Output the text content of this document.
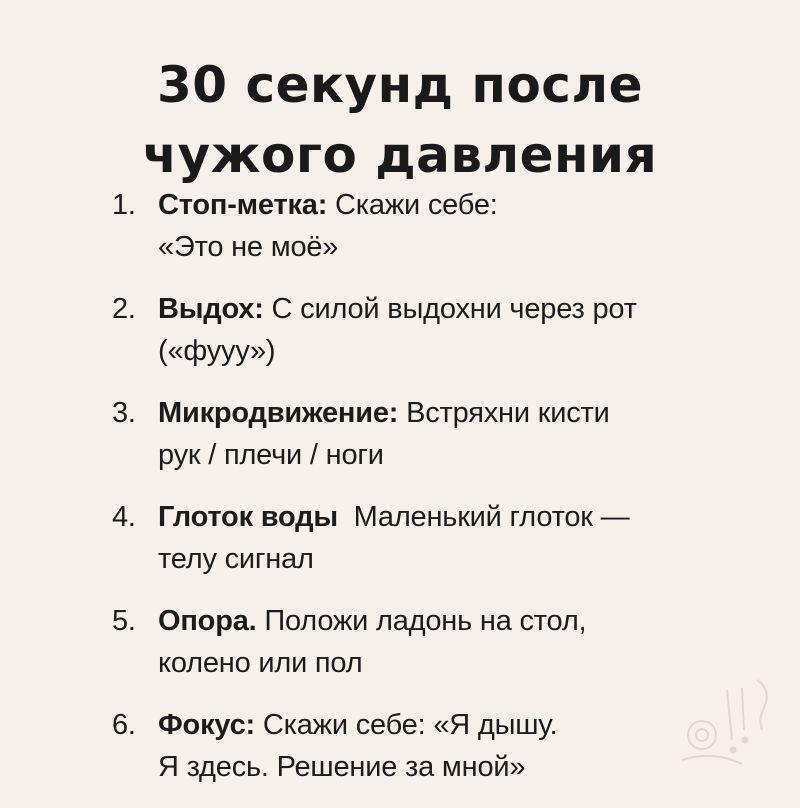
30 секунд после
чужого давления
1. Стоп-метка: Скажи себе:
«Это не моё»
2. Выдох: С силой выдохни через рот
(«фууу»)
3. Микродвижение: Встряхни кисти
рук / плечи / ноги
4. Глоток воды  Маленький глоток —
телу сигнал
5. Опора. Положи ладонь на стол,
колено или пол
6. Фокус: Скажи себе: «Я дышу.
Я здесь. Решение за мной»
